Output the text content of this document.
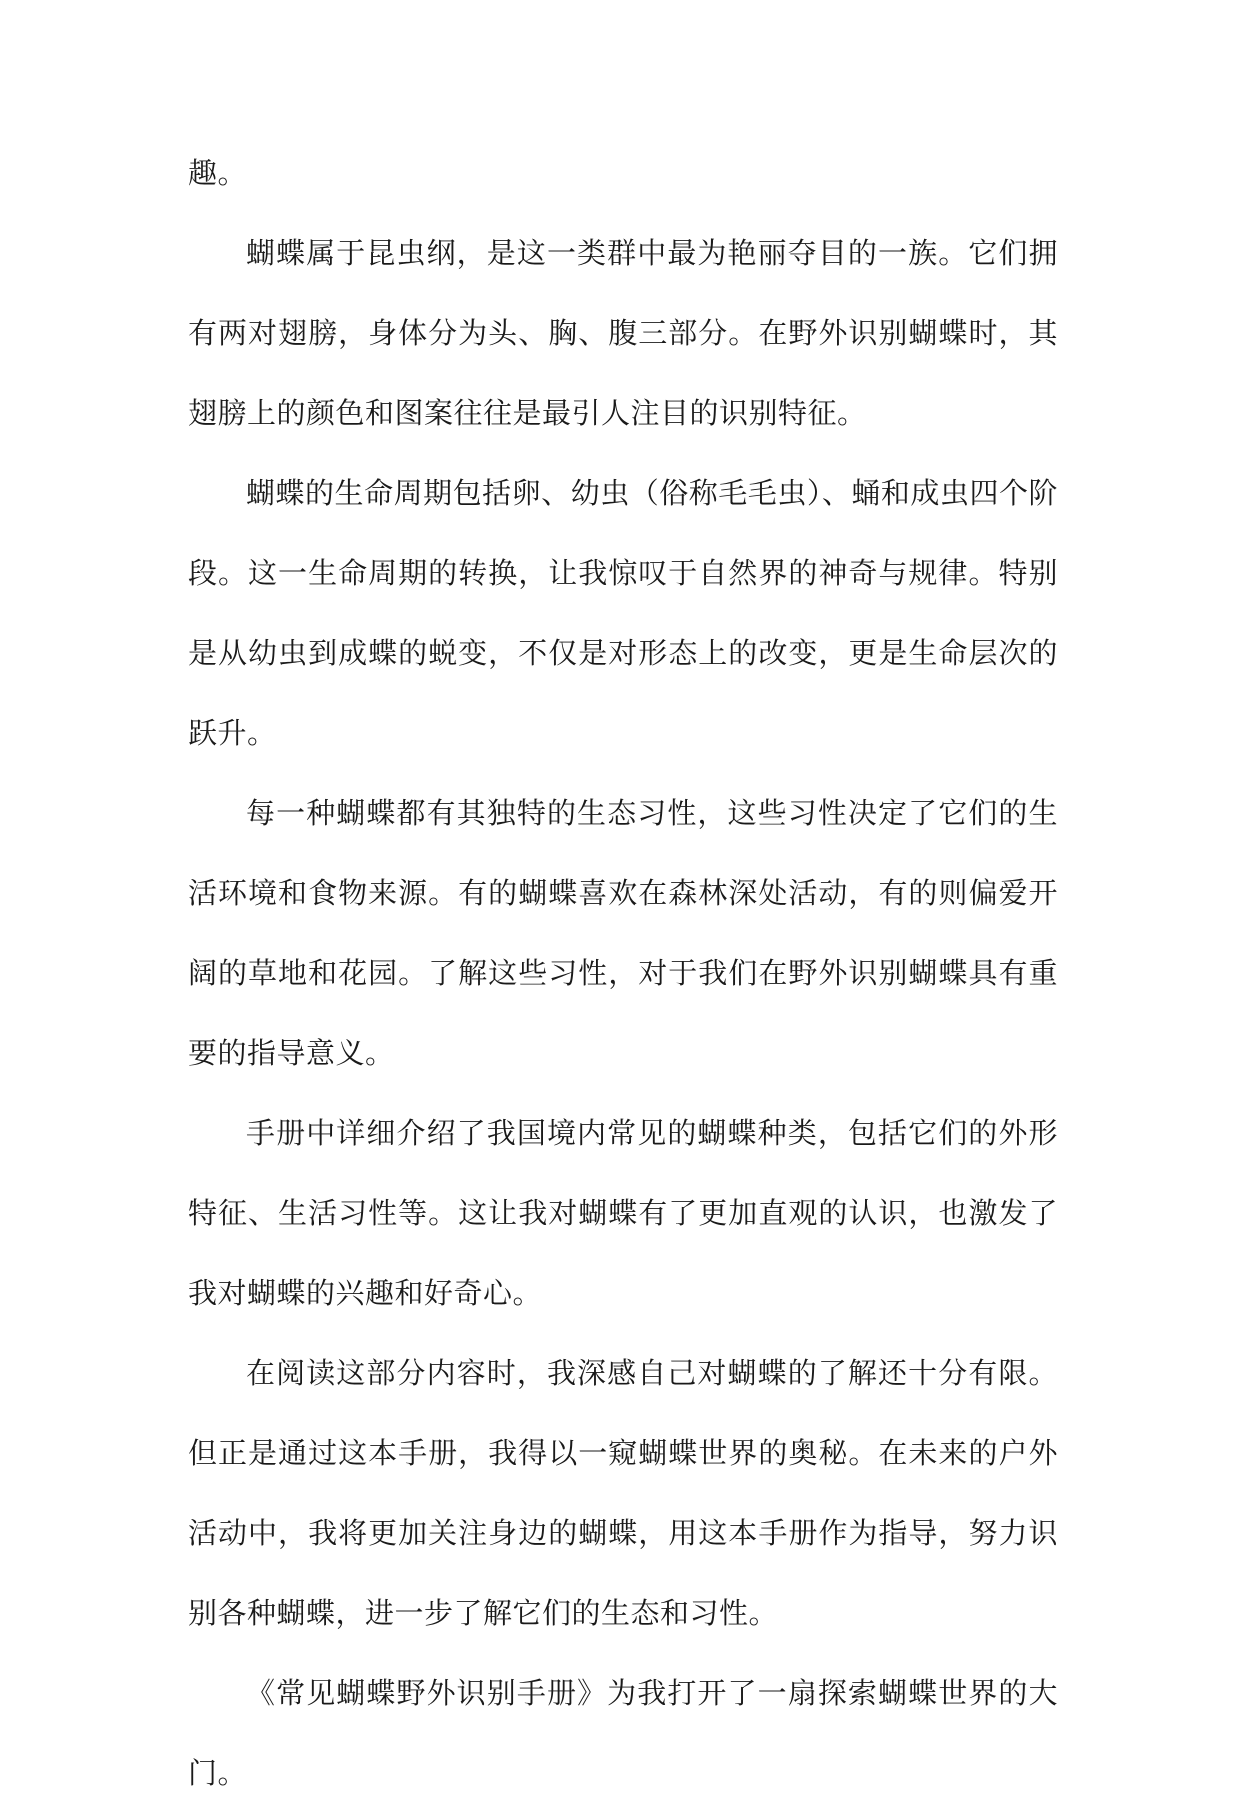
趣。

蝴蝶属于昆虫纲，是这一类群中最为艳丽夺目的一族。它们拥有两对翅膀，身体分为头、胸、腹三部分。在野外识别蝴蝶时，其翅膀上的颜色和图案往往是最引人注目的识别特征。

蝴蝶的生命周期包括卵、幼虫（俗称毛毛虫）、蛹和成虫四个阶段。这一生命周期的转换，让我惊叹于自然界的神奇与规律。特别是从幼虫到成蝶的蜕变，不仅是对形态上的改变，更是生命层次的跃升。

每一种蝴蝶都有其独特的生态习性，这些习性决定了它们的生活环境和食物来源。有的蝴蝶喜欢在森林深处活动，有的则偏爱开阔的草地和花园。了解这些习性，对于我们在野外识别蝴蝶具有重要的指导意义。

手册中详细介绍了我国境内常见的蝴蝶种类，包括它们的外形特征、生活习性等。这让我对蝴蝶有了更加直观的认识，也激发了我对蝴蝶的兴趣和好奇心。

在阅读这部分内容时，我深感自己对蝴蝶的了解还十分有限。但正是通过这本手册，我得以一窥蝴蝶世界的奥秘。在未来的户外活动中，我将更加关注身边的蝴蝶，用这本手册作为指导，努力识别各种蝴蝶，进一步了解它们的生态和习性。

《常见蝴蝶野外识别手册》为我打开了一扇探索蝴蝶世界的大门。
